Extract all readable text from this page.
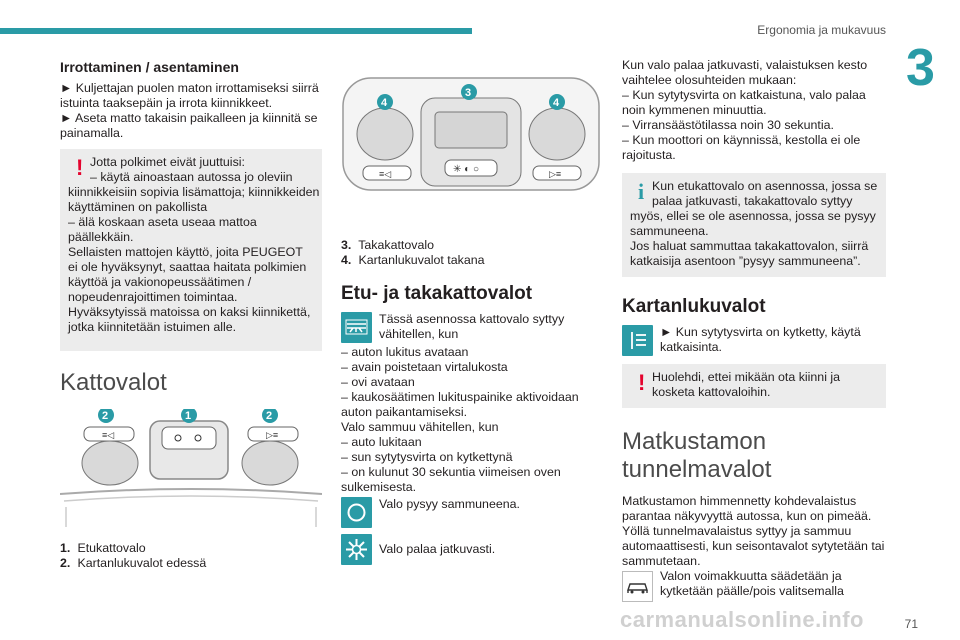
Ergonomia ja mukavuus
3
Irrottaminen / asentaminen

► Kuljettajan puolen maton irrottamiseksi siirrä

istuinta taaksepäin ja irrota kiinnikkeet.

► Aseta matto takaisin paikalleen ja kiinnitä se

painamalla.

! Jotta polkimet eivät juuttuisi:

– käytä ainoastaan autossa jo oleviin

kiinnikkeisiin sopivia lisämattoja; kiinnikkeiden

käyttäminen on pakollista

– älä koskaan aseta useaa mattoa

päällekkäin.

Sellaisten mattojen käyttö, joita PEUGEOT

ei ole hyväksynyt, saattaa haitata polkimien

käyttöä ja vakionopeussäätimen /

nopeudenrajoittimen toimintaa.

Hyväksytyissä matoissa on kaksi kiinnikettä,

jotka kiinnitetään istuimen alle.

Kattovalot
≡◁	▷≡
2	1	2

1. Etukattovalo

2. Kartanlukuvalot edessä

✳ ◐ ○
≡◁	▷≡
4
3
4

3. Takakattovalo

4. Kartanlukuvalot takana

Etu- ja takakattovalot

Tässä asennossa kattovalo syttyy

vähitellen, kun

– auton lukitus avataan

– avain poistetaan virtalukosta

– ovi avataan

– kaukosäätimen lukituspainike aktivoidaan

auton paikantamiseksi.

Valo sammuu vähitellen, kun

– auto lukitaan

– sun sytytysvirta on kytkettynä

– on kulunut 30 sekuntia viimeisen oven

sulkemisesta.

Valo pysyy sammuneena.

Valo palaa jatkuvasti.

Kun valo palaa jatkuvasti, valaistuksen kesto

vaihtelee olosuhteiden mukaan:

– Kun sytytysvirta on katkaistuna, valo palaa

noin kymmenen minuuttia.

– Virransäästötilassa noin 30 sekuntia.

– Kun moottori on käynnissä, kestolla ei ole

rajoitusta.

i Kun etukattovalo on asennossa, jossa se

palaa jatkuvasti, takakattovalo syttyy

myös, ellei se ole asennossa, jossa se pysyy

sammuneena.

Jos haluat sammuttaa takakattovalon, siirrä

katkaisija asentoon ”pysyy sammuneena”.

Kartanlukuvalot

► Kun sytytysvirta on kytketty, käytä

katkaisinta.

! Huolehdi, ettei mikään ota kiinni ja

kosketa kattovaloihin.

Matkustamon
tunnelmavalot

Matkustamon himmennetty kohdevalaistus

parantaa näkyvyyttä autossa, kun on pimeää.

Yöllä tunnelmavalaistus syttyy ja sammuu

automaattisesti, kun seisontavalot sytytetään tai

sammutetaan.

Valon voimakkuutta säädetään ja

kytketään päälle/pois valitsemalla

carmanualsonline.info	71
